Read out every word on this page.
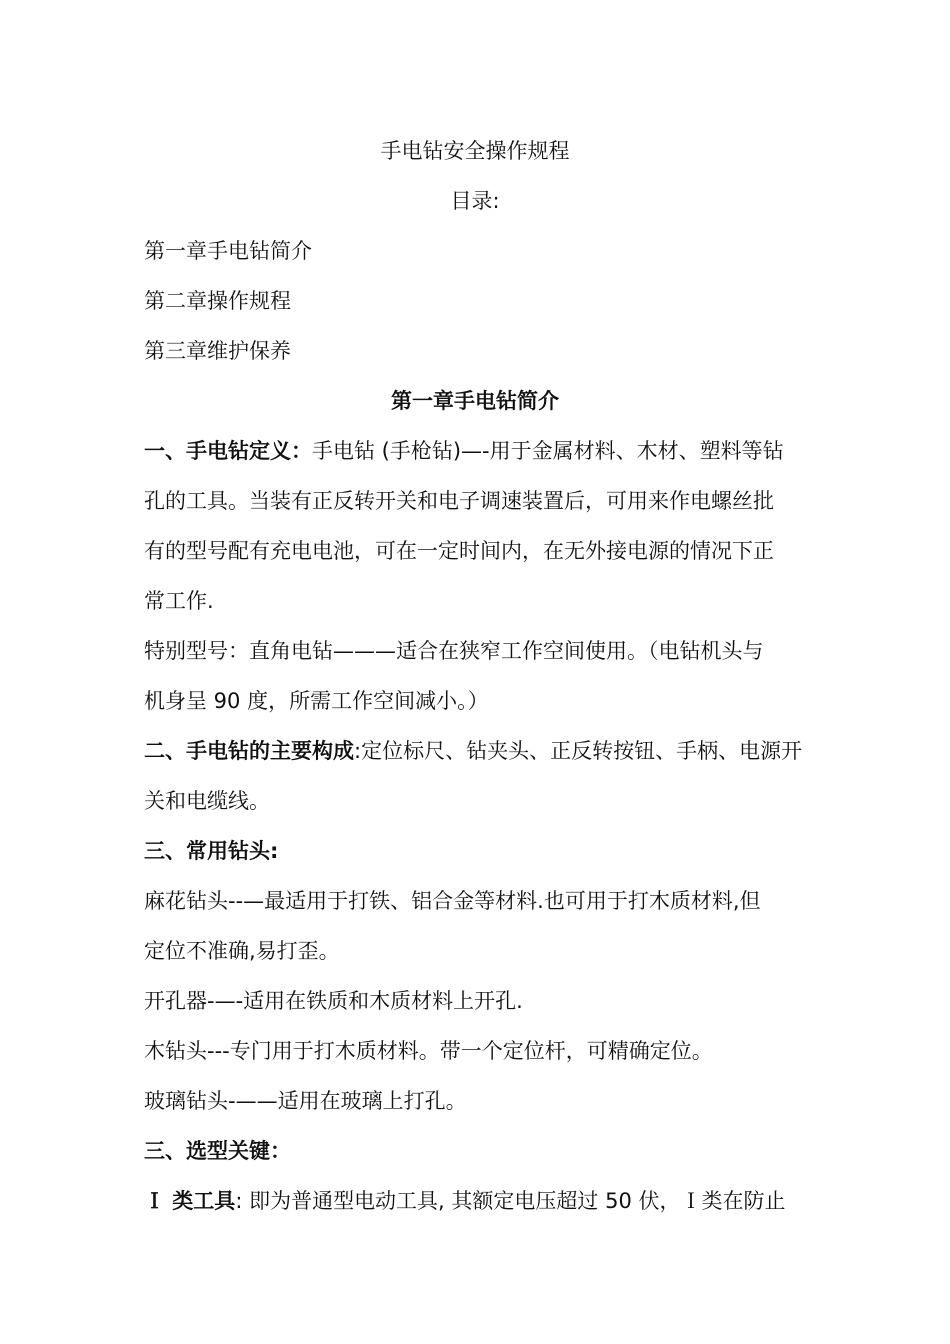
手电钻安全操作规程
目录:
第一章手电钻简介
第二章操作规程
第三章维护保养
第一章手电钻简介
一、手电钻定义：手电钻 (手枪钻)—-用于金属材料、木材、塑料等钻
孔的工具。当装有正反转开关和电子调速装置后，可用来作电螺丝批
有的型号配有充电电池，可在一定时间内，在无外接电源的情况下正
常工作.
特别型号：直角电钻———适合在狭窄工作空间使用。（电钻机头与
机身呈 90 度，所需工作空间减小。）
二、手电钻的主要构成:定位标尺、钻夹头、正反转按钮、手柄、电源开
关和电缆线。
三、常用钻头:
麻花钻头--—最适用于打铁、铝合金等材料.也可用于打木质材料,但
定位不准确,易打歪。
开孔器-—-适用在铁质和木质材料上开孔.
木钻头---专门用于打木质材料。带一个定位杆，可精确定位。
玻璃钻头-——适用在玻璃上打孔。
三、选型关键：
Ｉ 类工具: 即为普通型电动工具, 其额定电压超过 50 伏，Ｉ类在防止
